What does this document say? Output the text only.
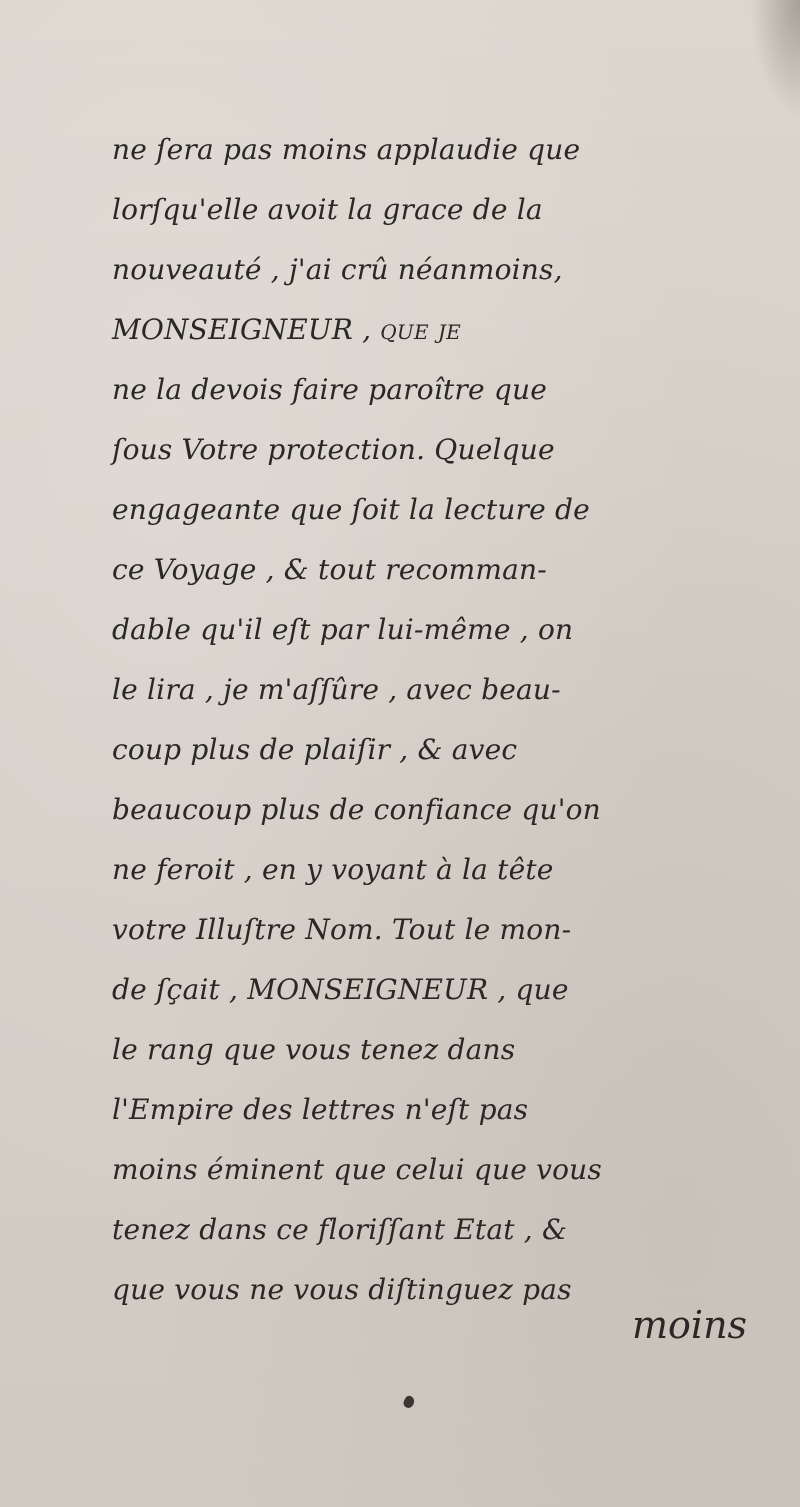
ne ſera pas moins applaudie que
lorſqu'elle avoit la grace de la
nouveauté , j'ai crû néanmoins,
MONSEIGNEUR , que je
ne la devois faire paroître que
ſous Votre protection. Quelque
engageante que ſoit la lecture de
ce Voyage , & tout recomman-
dable qu'il eſt par lui-même , on
le lira , je m'aſſûre , avec beau-
coup plus de plaiſir , & avec
beaucoup plus de confiance qu'on
ne feroit , en y voyant à la tête
votre Illuſtre Nom. Tout le mon-
de ſçait , MONSEIGNEUR , que
le rang que vous tenez dans
l'Empire des lettres n'eſt pas
moins éminent que celui que vous
tenez dans ce floriſſant Etat , &
que vous ne vous diſtinguez pas
moins
